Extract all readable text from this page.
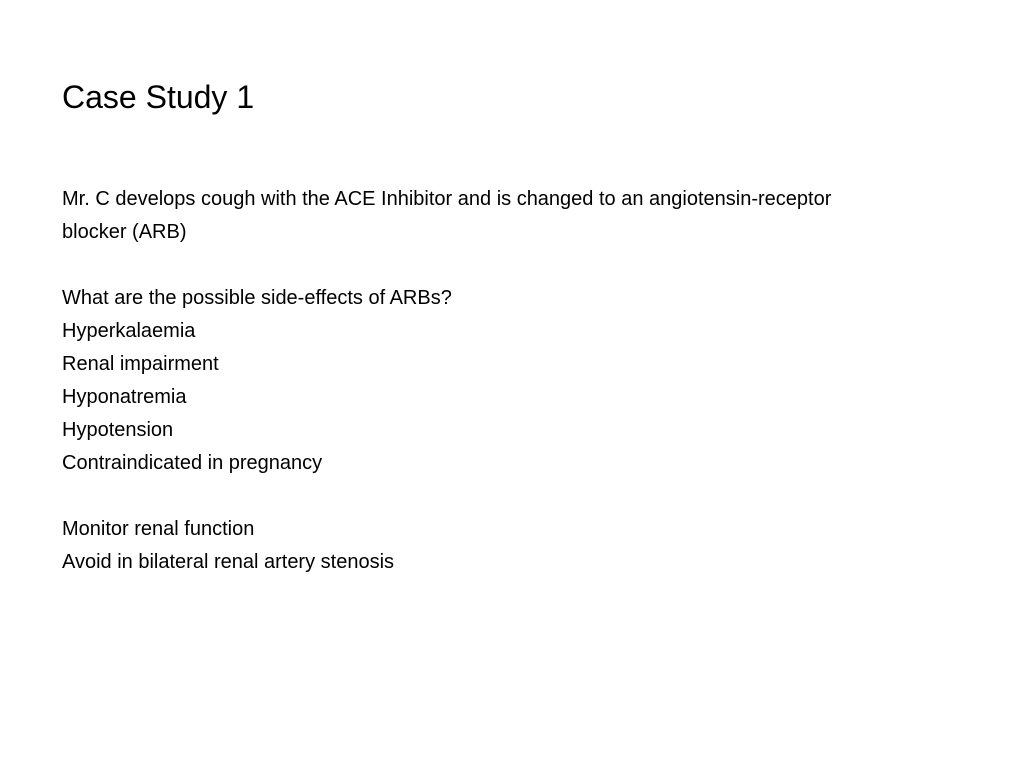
Case Study 1
Mr. C develops cough with the ACE Inhibitor and is changed to an angiotensin-receptor
blocker (ARB)
What are the possible side-effects of ARBs?
Hyperkalaemia
Renal impairment
Hyponatremia
Hypotension
Contraindicated in pregnancy
Monitor renal function
Avoid in bilateral renal artery stenosis
